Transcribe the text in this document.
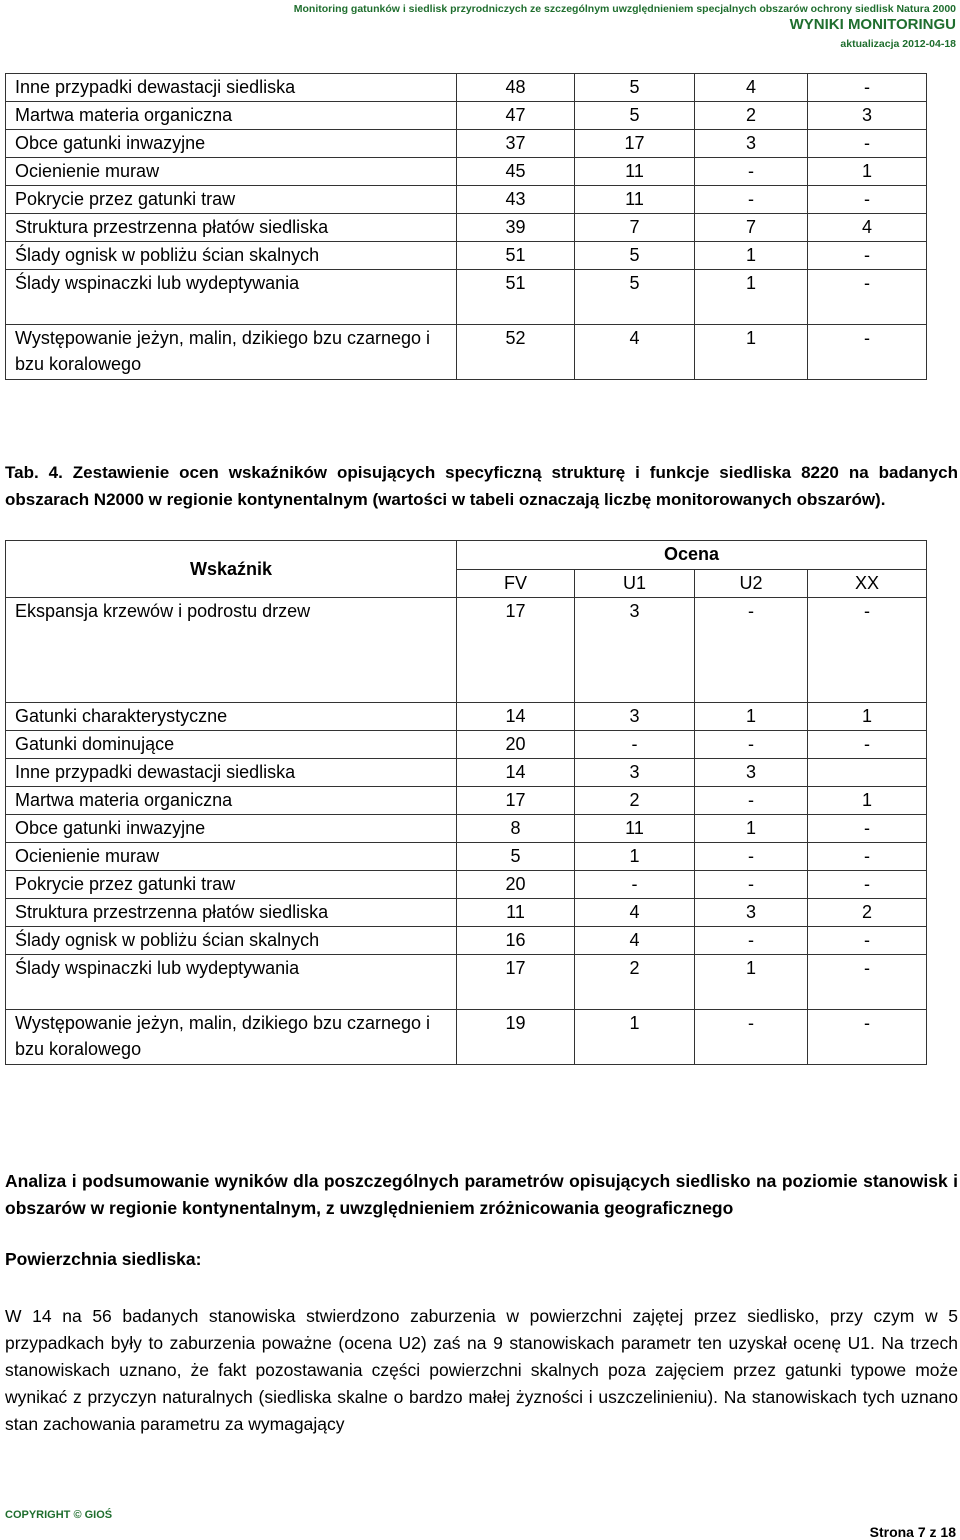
Monitoring gatunków i siedlisk przyrodniczych ze szczególnym uwzględnieniem specjalnych obszarów ochrony siedlisk Natura 2000
WYNIKI MONITORINGU
aktualizacja 2012-04-18
Inne przypadki dewastacji siedliska	48	5	4	-
Martwa materia organiczna	47	5	2	3
Obce gatunki inwazyjne	37	17	3	-
Ocienienie muraw	45	11	-	1
Pokrycie przez gatunki traw	43	11	-	-
Struktura przestrzenna płatów siedliska	39	7	7	4
Ślady ognisk w pobliżu ścian skalnych	51	5	1	-
Ślady wspinaczki lub wydeptywania	51	5	1	-
Występowanie jeżyn, malin, dzikiego bzu czarnego i bzu koralowego	52	4	1	-
Tab. 4. Zestawienie ocen wskaźników opisujących specyficzną strukturę i funkcje siedliska 8220 na badanych obszarach N2000 w regionie kontynentalnym (wartości w tabeli oznaczają liczbę monitorowanych obszarów).
Wskaźnik	Ocena			
	FV	U1	U2	XX
Ekspansja krzewów i podrostu drzew	17	3	-	-
Gatunki charakterystyczne	14	3	1	1
Gatunki dominujące	20	-	-	-
Inne przypadki dewastacji siedliska	14	3	3	
Martwa materia organiczna	17	2	-	1
Obce gatunki inwazyjne	8	11	1	-
Ocienienie muraw	5	1	-	-
Pokrycie przez gatunki traw	20	-	-	-
Struktura przestrzenna płatów siedliska	11	4	3	2
Ślady ognisk w pobliżu ścian skalnych	16	4	-	-
Ślady wspinaczki lub wydeptywania	17	2	1	-
Występowanie jeżyn, malin, dzikiego bzu czarnego i bzu koralowego	19	1	-	-
Analiza i podsumowanie wyników dla poszczególnych parametrów opisujących siedlisko na poziomie stanowisk i obszarów w regionie kontynentalnym, z uwzględnieniem zróżnicowania geograficznego
Powierzchnia siedliska:
W 14 na 56 badanych stanowiska stwierdzono zaburzenia w powierzchni zajętej przez siedlisko, przy czym w 5 przypadkach były to zaburzenia poważne (ocena U2) zaś na 9 stanowiskach parametr ten uzyskał ocenę U1. Na trzech stanowiskach uznano, że fakt pozostawania części powierzchni skalnych poza zajęciem przez gatunki typowe może wynikać z przyczyn naturalnych (siedliska skalne o bardzo małej żyzności i uszczelinieniu). Na stanowiskach tych uznano stan zachowania parametru za wymagający
COPYRIGHT © GIOŚ
Strona 7 z 18
